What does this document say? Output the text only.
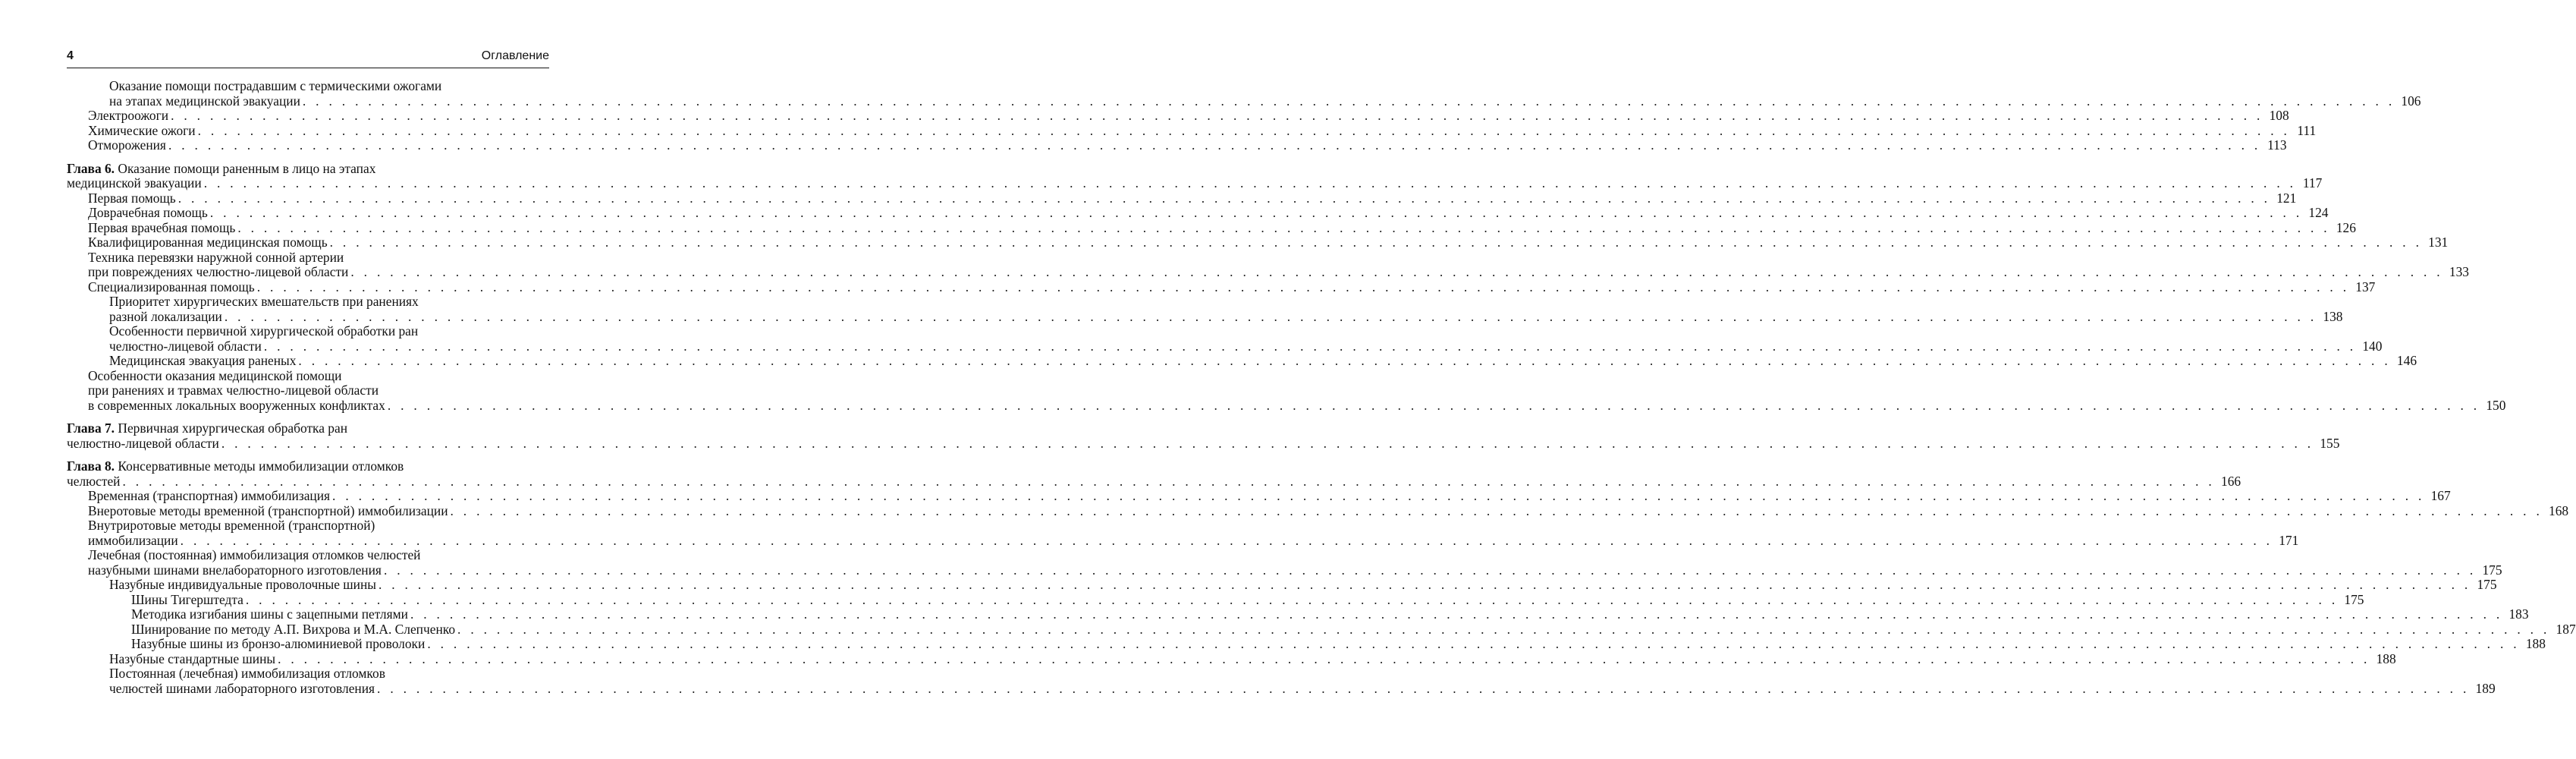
4	Оглавление
Оказание помощи пострадавшим с термическими ожогами
на этапах медицинской эвакуации . . . . . . . . . . . . . . . . . . . . . . . . . . . . . . . . . . . . . . . . . . . . . . . . . . . . . . . . . . . . . . . . . . . . . . . . . . . . . . . . . . . . . . . . . . . . . . . . . . . . . . . . . . . . . . . . . . . . . . . . . . . . . . . . . . . . . . . . . . . . . . . . . . . . . . . . . . . . . . . . 106
Электроожоги . . . . . . . . . . . . . . . . . . . . . . . . . . . . . . . . . . . . . . . . . . . . . . . . . . . . . . . . . . . . . . . . . . . . . . . . . . . . . . . . . . . . . . . . . . . . . . . . . . . . . . . . . . . . . . . . . . . . . . . . . . . . . . . . . . . . . . . . . . . . . . . . . . . . . . . . . . . . . . . . 108
Химические ожоги . . . . . . . . . . . . . . . . . . . . . . . . . . . . . . . . . . . . . . . . . . . . . . . . . . . . . . . . . . . . . . . . . . . . . . . . . . . . . . . . . . . . . . . . . . . . . . . . . . . . . . . . . . . . . . . . . . . . . . . . . . . . . . . . . . . . . . . . . . . . . . . . . . . . . . . . . . . . . . . . 111
Отморожения . . . . . . . . . . . . . . . . . . . . . . . . . . . . . . . . . . . . . . . . . . . . . . . . . . . . . . . . . . . . . . . . . . . . . . . . . . . . . . . . . . . . . . . . . . . . . . . . . . . . . . . . . . . . . . . . . . . . . . . . . . . . . . . . . . . . . . . . . . . . . . . . . . . . . . . . . . . . . . . . 113
Глава 6. Оказание помощи раненным в лицо на этапах
медицинской эвакуации . . . . . . . . . . . . . . . . . . . . . . . . . . . . . . . . . . . . . . . . . . . . . . . . . . . . . . . . . . . . . . . . . . . . . . . . . . . . . . . . . . . . . . . . . . . . . . . . . . . . . . . . . . . . . . . . . . . . . . . . . . . . . . . . . . . . . . . . . . . . . . . . . . . . . . . . . . . . . . . . 117
Первая помощь . . . . . . . . . . . . . . . . . . . . . . . . . . . . . . . . . . . . . . . . . . . . . . . . . . . . . . . . . . . . . . . . . . . . . . . . . . . . . . . . . . . . . . . . . . . . . . . . . . . . . . . . . . . . . . . . . . . . . . . . . . . . . . . . . . . . . . . . . . . . . . . . . . . . . . . . . . . . . . . . 121
Доврачебная помощь . . . . . . . . . . . . . . . . . . . . . . . . . . . . . . . . . . . . . . . . . . . . . . . . . . . . . . . . . . . . . . . . . . . . . . . . . . . . . . . . . . . . . . . . . . . . . . . . . . . . . . . . . . . . . . . . . . . . . . . . . . . . . . . . . . . . . . . . . . . . . . . . . . . . . . . . . . . . . . . . 124
Первая врачебная помощь . . . . . . . . . . . . . . . . . . . . . . . . . . . . . . . . . . . . . . . . . . . . . . . . . . . . . . . . . . . . . . . . . . . . . . . . . . . . . . . . . . . . . . . . . . . . . . . . . . . . . . . . . . . . . . . . . . . . . . . . . . . . . . . . . . . . . . . . . . . . . . . . . . . . . . . . . . . . . . . . 126
Квалифицированная медицинская помощь . . . . . . . . . . . . . . . . . . . . . . . . . . . . . . . . . . . . . . . . . . . . . . . . . . . . . . . . . . . . . . . . . . . . . . . . . . . . . . . . . . . . . . . . . . . . . . . . . . . . . . . . . . . . . . . . . . . . . . . . . . . . . . . . . . . . . . . . . . . . . . . . . . . . . . . . . . . . . . . . 131
Техника перевязки наружной сонной артерии
при повреждениях челюстно-лицевой области . . . . . . . . . . . . . . . . . . . . . . . . . . . . . . . . . . . . . . . . . . . . . . . . . . . . . . . . . . . . . . . . . . . . . . . . . . . . . . . . . . . . . . . . . . . . . . . . . . . . . . . . . . . . . . . . . . . . . . . . . . . . . . . . . . . . . . . . . . . . . . . . . . . . . . . . . . . . . . . . 133
Специализированная помощь . . . . . . . . . . . . . . . . . . . . . . . . . . . . . . . . . . . . . . . . . . . . . . . . . . . . . . . . . . . . . . . . . . . . . . . . . . . . . . . . . . . . . . . . . . . . . . . . . . . . . . . . . . . . . . . . . . . . . . . . . . . . . . . . . . . . . . . . . . . . . . . . . . . . . . . . . . . . . . . . 137
Приоритет хирургических вмешательств при ранениях
разной локализации . . . . . . . . . . . . . . . . . . . . . . . . . . . . . . . . . . . . . . . . . . . . . . . . . . . . . . . . . . . . . . . . . . . . . . . . . . . . . . . . . . . . . . . . . . . . . . . . . . . . . . . . . . . . . . . . . . . . . . . . . . . . . . . . . . . . . . . . . . . . . . . . . . . . . . . . . . . . . . . . 138
Особенности первичной хирургической обработки ран
челюстно-лицевой области . . . . . . . . . . . . . . . . . . . . . . . . . . . . . . . . . . . . . . . . . . . . . . . . . . . . . . . . . . . . . . . . . . . . . . . . . . . . . . . . . . . . . . . . . . . . . . . . . . . . . . . . . . . . . . . . . . . . . . . . . . . . . . . . . . . . . . . . . . . . . . . . . . . . . . . . . . . . . . . . 140
Медицинская эвакуация раненых . . . . . . . . . . . . . . . . . . . . . . . . . . . . . . . . . . . . . . . . . . . . . . . . . . . . . . . . . . . . . . . . . . . . . . . . . . . . . . . . . . . . . . . . . . . . . . . . . . . . . . . . . . . . . . . . . . . . . . . . . . . . . . . . . . . . . . . . . . . . . . . . . . . . . . . . . . . . . . . . 146
Особенности оказания медицинской помощи
при ранениях и травмах челюстно-лицевой области
в современных локальных вооруженных конфликтах . . . . . . . . . . . . . . . . . . . . . . . . . . . . . . . . . . . . . . . . . . . . . . . . . . . . . . . . . . . . . . . . . . . . . . . . . . . . . . . . . . . . . . . . . . . . . . . . . . . . . . . . . . . . . . . . . . . . . . . . . . . . . . . . . . . . . . . . . . . . . . . . . . . . . . . . . . . . . . . . 150
Глава 7. Первичная хирургическая обработка ран
челюстно-лицевой области . . . . . . . . . . . . . . . . . . . . . . . . . . . . . . . . . . . . . . . . . . . . . . . . . . . . . . . . . . . . . . . . . . . . . . . . . . . . . . . . . . . . . . . . . . . . . . . . . . . . . . . . . . . . . . . . . . . . . . . . . . . . . . . . . . . . . . . . . . . . . . . . . . . . . . . . . . . . . . . . 155
Глава 8. Консервативные методы иммобилизации отломков
челюстей . . . . . . . . . . . . . . . . . . . . . . . . . . . . . . . . . . . . . . . . . . . . . . . . . . . . . . . . . . . . . . . . . . . . . . . . . . . . . . . . . . . . . . . . . . . . . . . . . . . . . . . . . . . . . . . . . . . . . . . . . . . . . . . . . . . . . . . . . . . . . . . . . . . . . . . . . . . . . . . . 166
Временная (транспортная) иммобилизация . . . . . . . . . . . . . . . . . . . . . . . . . . . . . . . . . . . . . . . . . . . . . . . . . . . . . . . . . . . . . . . . . . . . . . . . . . . . . . . . . . . . . . . . . . . . . . . . . . . . . . . . . . . . . . . . . . . . . . . . . . . . . . . . . . . . . . . . . . . . . . . . . . . . . . . . . . . . . . . . 167
Внеротовые методы временной (транспортной) иммобилизации . . . . . . . . . . . . . . . . . . . . . . . . . . . . . . . . . . . . . . . . . . . . . . . . . . . . . . . . . . . . . . . . . . . . . . . . . . . . . . . . . . . . . . . . . . . . . . . . . . . . . . . . . . . . . . . . . . . . . . . . . . . . . . . . . . . . . . . . . . . . . . . . . . . . . . . . . . . . . . . . 168
Внутриротовые методы временной (транспортной)
иммобилизации . . . . . . . . . . . . . . . . . . . . . . . . . . . . . . . . . . . . . . . . . . . . . . . . . . . . . . . . . . . . . . . . . . . . . . . . . . . . . . . . . . . . . . . . . . . . . . . . . . . . . . . . . . . . . . . . . . . . . . . . . . . . . . . . . . . . . . . . . . . . . . . . . . . . . . . . . . . . . . . . 171
Лечебная (постоянная) иммобилизация отломков челюстей
назубными шинами внелабораторного изготовления . . . . . . . . . . . . . . . . . . . . . . . . . . . . . . . . . . . . . . . . . . . . . . . . . . . . . . . . . . . . . . . . . . . . . . . . . . . . . . . . . . . . . . . . . . . . . . . . . . . . . . . . . . . . . . . . . . . . . . . . . . . . . . . . . . . . . . . . . . . . . . . . . . . . . . . . . . . . . . . . 175
Назубные индивидуальные проволочные шины . . . . . . . . . . . . . . . . . . . . . . . . . . . . . . . . . . . . . . . . . . . . . . . . . . . . . . . . . . . . . . . . . . . . . . . . . . . . . . . . . . . . . . . . . . . . . . . . . . . . . . . . . . . . . . . . . . . . . . . . . . . . . . . . . . . . . . . . . . . . . . . . . . . . . . . . . . . . . . . . 175
Шины Тигерштедта . . . . . . . . . . . . . . . . . . . . . . . . . . . . . . . . . . . . . . . . . . . . . . . . . . . . . . . . . . . . . . . . . . . . . . . . . . . . . . . . . . . . . . . . . . . . . . . . . . . . . . . . . . . . . . . . . . . . . . . . . . . . . . . . . . . . . . . . . . . . . . . . . . . . . . . . . . . . . . . . 175
Методика изгибания шины с зацепными петлями . . . . . . . . . . . . . . . . . . . . . . . . . . . . . . . . . . . . . . . . . . . . . . . . . . . . . . . . . . . . . . . . . . . . . . . . . . . . . . . . . . . . . . . . . . . . . . . . . . . . . . . . . . . . . . . . . . . . . . . . . . . . . . . . . . . . . . . . . . . . . . . . . . . . . . . . . . . . . . . . 183
Шинирование по методу А.П. Вихрова и М.А. Слепченко . . . . . . . . . . . . . . . . . . . . . . . . . . . . . . . . . . . . . . . . . . . . . . . . . . . . . . . . . . . . . . . . . . . . . . . . . . . . . . . . . . . . . . . . . . . . . . . . . . . . . . . . . . . . . . . . . . . . . . . . . . . . . . . . . . . . . . . . . . . . . . . . . . . . . . . . . . . . . . . . 187
Назубные шины из бронзо-алюминиевой проволоки . . . . . . . . . . . . . . . . . . . . . . . . . . . . . . . . . . . . . . . . . . . . . . . . . . . . . . . . . . . . . . . . . . . . . . . . . . . . . . . . . . . . . . . . . . . . . . . . . . . . . . . . . . . . . . . . . . . . . . . . . . . . . . . . . . . . . . . . . . . . . . . . . . . . . . . . . . . . . . . . 188
Назубные стандартные шины . . . . . . . . . . . . . . . . . . . . . . . . . . . . . . . . . . . . . . . . . . . . . . . . . . . . . . . . . . . . . . . . . . . . . . . . . . . . . . . . . . . . . . . . . . . . . . . . . . . . . . . . . . . . . . . . . . . . . . . . . . . . . . . . . . . . . . . . . . . . . . . . . . . . . . . . . . . . . . . . 188
Постоянная (лечебная) иммобилизация отломков
челюстей шинами лабораторного изготовления . . . . . . . . . . . . . . . . . . . . . . . . . . . . . . . . . . . . . . . . . . . . . . . . . . . . . . . . . . . . . . . . . . . . . . . . . . . . . . . . . . . . . . . . . . . . . . . . . . . . . . . . . . . . . . . . . . . . . . . . . . . . . . . . . . . . . . . . . . . . . . . . . . . . . . . . . . . . . . . . 189
